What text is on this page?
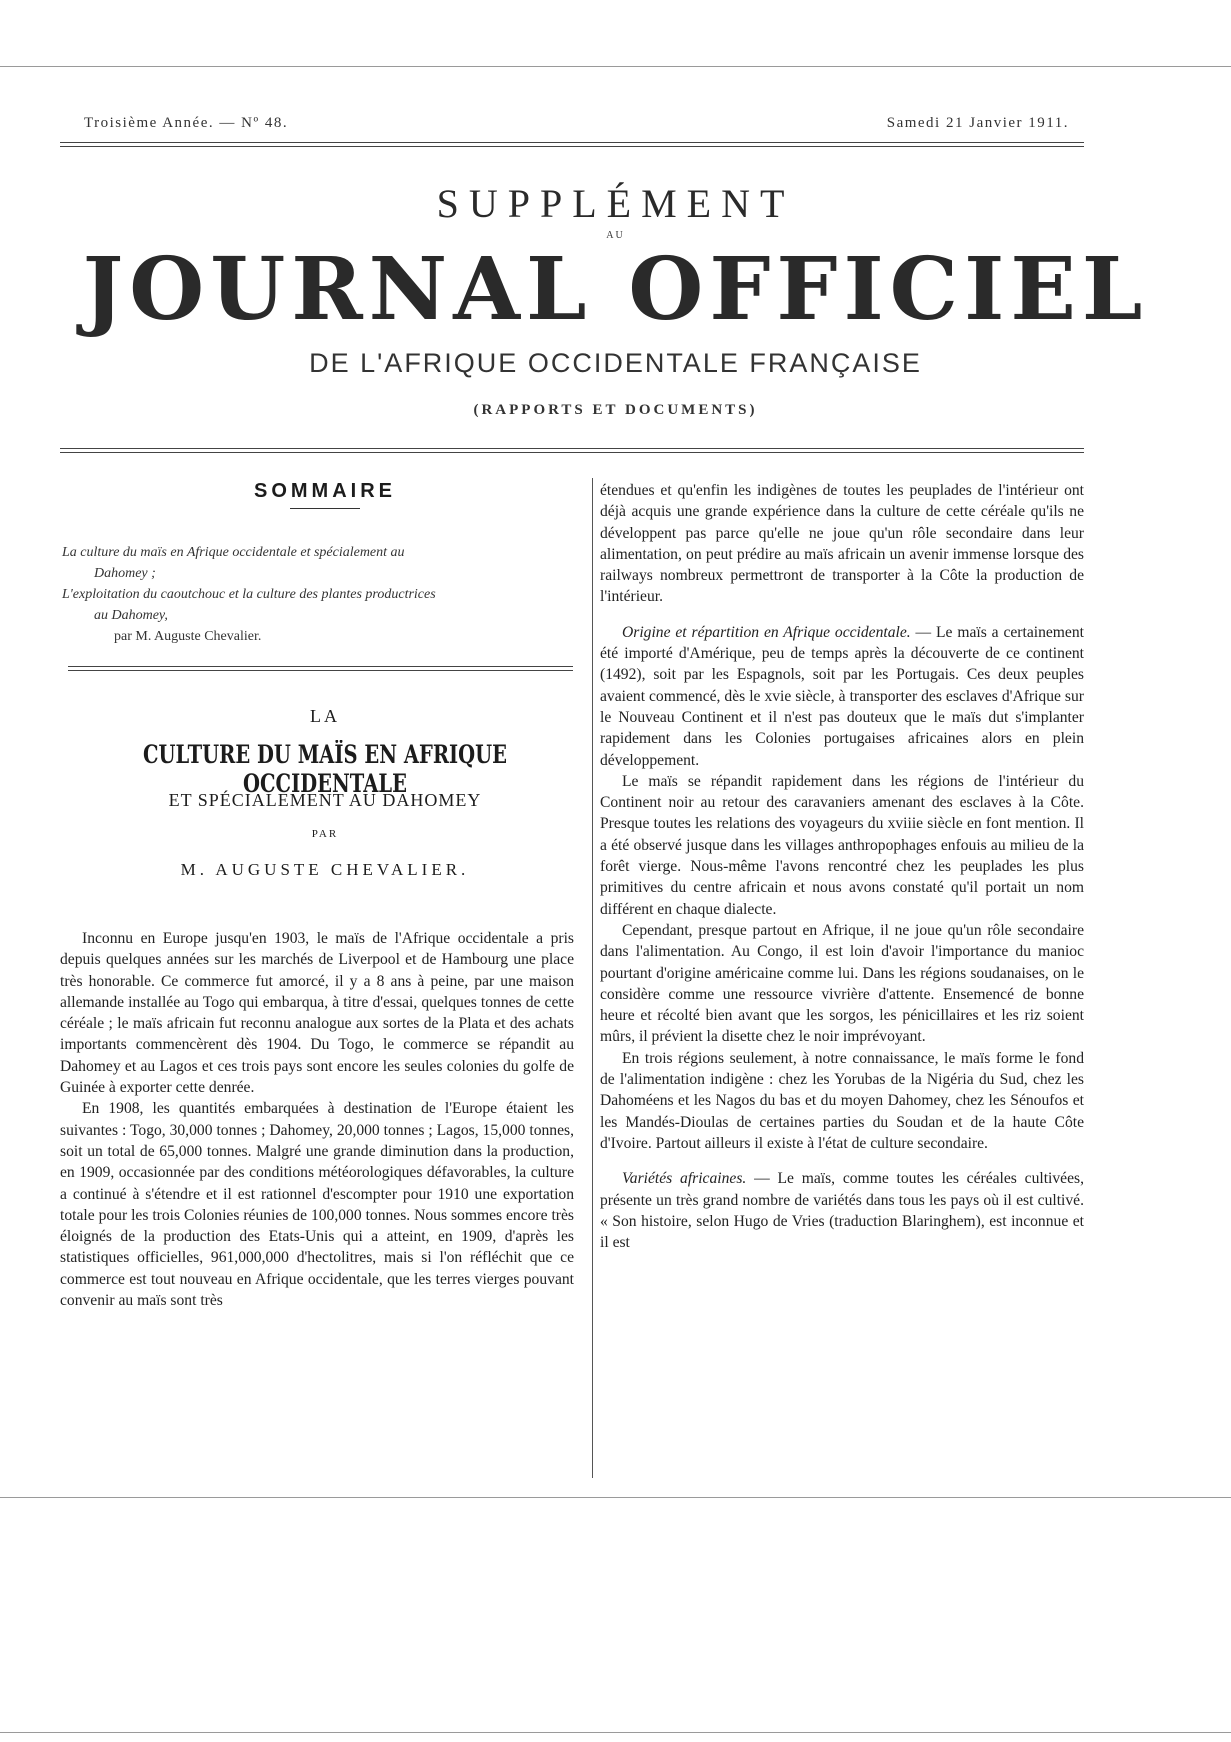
Troisième Année. — Nº 48.	Samedi 21 Janvier 1911.
SUPPLÉMENT
AU
JOURNAL OFFICIEL
DE L'AFRIQUE OCCIDENTALE FRANÇAISE
(RAPPORTS ET DOCUMENTS)
SOMMAIRE

La culture du maïs en Afrique occidentale et spécialement au

Dahomey ;

L'exploitation du caoutchouc et la culture des plantes productrices

au Dahomey,

par M. Auguste Chevalier.

LA
CULTURE DU MAÏS EN AFRIQUE OCCIDENTALE
ET SPÉCIALEMENT AU DAHOMEY
PAR
M. AUGUSTE CHEVALIER.

Inconnu en Europe jusqu'en 1903, le maïs de l'Afrique occidentale a pris depuis quelques années sur les marchés de Liverpool et de Hambourg une place très honorable. Ce commerce fut amorcé, il y a 8 ans à peine, par une maison allemande installée au Togo qui embarqua, à titre d'essai, quelques tonnes de cette céréale ; le maïs africain fut reconnu analogue aux sortes de la Plata et des achats importants commencèrent dès 1904. Du Togo, le commerce se répandit au Dahomey et au Lagos et ces trois pays sont encore les seules colonies du golfe de Guinée à exporter cette denrée.

En 1908, les quantités embarquées à destination de l'Europe étaient les suivantes : Togo, 30,000 tonnes ; Dahomey, 20,000 tonnes ; Lagos, 15,000 tonnes, soit un total de 65,000 tonnes. Malgré une grande diminution dans la production, en 1909, occasionnée par des conditions météorologiques défavorables, la culture a continué à s'étendre et il est rationnel d'escompter pour 1910 une exportation totale pour les trois Colonies réunies de 100,000 tonnes. Nous sommes encore très éloignés de la production des Etats-Unis qui a atteint, en 1909, d'après les statistiques officielles, 961,000,000 d'hectolitres, mais si l'on réfléchit que ce commerce est tout nouveau en Afrique occidentale, que les terres vierges pouvant convenir au maïs sont très

étendues et qu'enfin les indigènes de toutes les peuplades de l'intérieur ont déjà acquis une grande expérience dans la culture de cette céréale qu'ils ne développent pas parce qu'elle ne joue qu'un rôle secondaire dans leur alimentation, on peut prédire au maïs africain un avenir immense lorsque des railways nombreux permettront de transporter à la Côte la production de l'intérieur.

Origine et répartition en Afrique occidentale. — Le maïs a certainement été importé d'Amérique, peu de temps après la découverte de ce continent (1492), soit par les Espagnols, soit par les Portugais. Ces deux peuples avaient commencé, dès le xvie siècle, à transporter des esclaves d'Afrique sur le Nouveau Continent et il n'est pas douteux que le maïs dut s'implanter rapidement dans les Colonies portugaises africaines alors en plein développement.

Le maïs se répandit rapidement dans les régions de l'intérieur du Continent noir au retour des caravaniers amenant des esclaves à la Côte. Presque toutes les relations des voyageurs du xviiie siècle en font mention. Il a été observé jusque dans les villages anthropophages enfouis au milieu de la forêt vierge. Nous-même l'avons rencontré chez les peuplades les plus primitives du centre africain et nous avons constaté qu'il portait un nom différent en chaque dialecte.

Cependant, presque partout en Afrique, il ne joue qu'un rôle secondaire dans l'alimentation. Au Congo, il est loin d'avoir l'importance du manioc pourtant d'origine américaine comme lui. Dans les régions soudanaises, on le considère comme une ressource vivrière d'attente. Ensemencé de bonne heure et récolté bien avant que les sorgos, les pénicillaires et les riz soient mûrs, il prévient la disette chez le noir imprévoyant.

En trois régions seulement, à notre connaissance, le maïs forme le fond de l'alimentation indigène : chez les Yorubas de la Nigéria du Sud, chez les Dahoméens et les Nagos du bas et du moyen Dahomey, chez les Sénoufos et les Mandés-Dioulas de certaines parties du Soudan et de la haute Côte d'Ivoire. Partout ailleurs il existe à l'état de culture secondaire.

Variétés africaines. — Le maïs, comme toutes les céréales cultivées, présente un très grand nombre de variétés dans tous les pays où il est cultivé. « Son histoire, selon Hugo de Vries (traduction Blaringhem), est inconnue et il est
